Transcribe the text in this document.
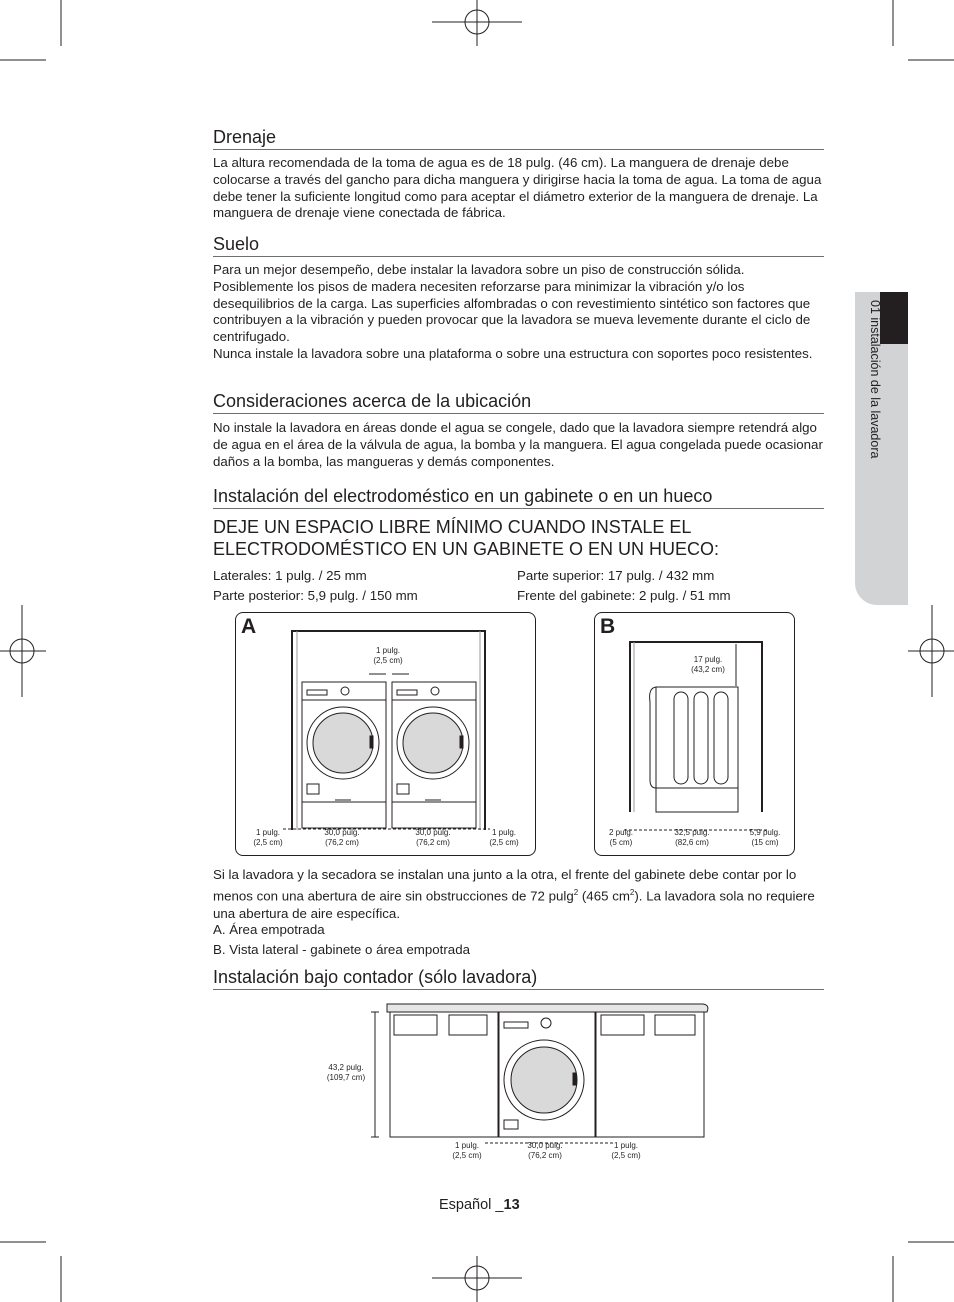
01 instalación de la lavadora
Drenaje

La altura recomendada de la toma de agua es de 18 pulg. (46 cm). La manguera de drenaje debe colocarse a través del gancho para dicha manguera y dirigirse hacia la toma de agua. La toma de agua debe tener la suficiente longitud como para aceptar el diámetro exterior de la manguera de drenaje. La manguera de drenaje viene conectada de fábrica.

Suelo

Para un mejor desempeño, debe instalar la lavadora sobre un piso de construcción sólida. Posiblemente los pisos de madera necesiten reforzarse para minimizar la vibración y/o los desequilibrios de la carga. Las superficies alfombradas o con revestimiento sintético son factores que contribuyen a la vibración y pueden provocar que la lavadora se mueva levemente durante el ciclo de centrifugado.

Nunca instale la lavadora sobre una plataforma o sobre una estructura con soportes poco resistentes.

Consideraciones acerca de la ubicación

No instale la lavadora en áreas donde el agua se congele, dado que la lavadora siempre retendrá algo de agua en el área de la válvula de agua, la bomba y la manguera. El agua congelada puede ocasionar daños a la bomba, las mangueras y demás componentes.

Instalación del electrodoméstico en un gabinete o en un hueco
DEJE UN ESPACIO LIBRE MÍNIMO CUANDO INSTALE EL
ELECTRODOMÉSTICO EN UN GABINETE O EN UN HUECO:
Laterales: 1 pulg. / 25 mm	Parte superior: 17 pulg. / 432 mm
Parte posterior: 5,9 pulg. / 150 mm	Frente del gabinete: 2 pulg. / 51 mm
A
1 pulg.
(2,5 cm)
1 pulg.
(2,5 cm)
30,0 pulg.
(76,2 cm)
30,0 pulg.
(76,2 cm)
1 pulg.
(2,5 cm)
B
17 pulg.
(43,2 cm)
2 pulg.
(5 cm)
32,5 pulg.
(82,6 cm)
5,9 pulg.
(15 cm)

Si la lavadora y la secadora se instalan una junto a la otra, el frente del gabinete debe contar por lo menos con una abertura de aire sin obstrucciones de 72 pulg$^2$ (465 $cm^2$). La lavadora sola no requiere una abertura de aire específica.

A. Área empotrada
B. Vista lateral - gabinete o área empotrada
Instalación bajo contador (sólo lavadora)
43,2 pulg.
(109,7 cm)
1 pulg.
(2,5 cm)
30,0 pulg.
(76,2 cm)
1 pulg.
(2,5 cm)
Español _13
